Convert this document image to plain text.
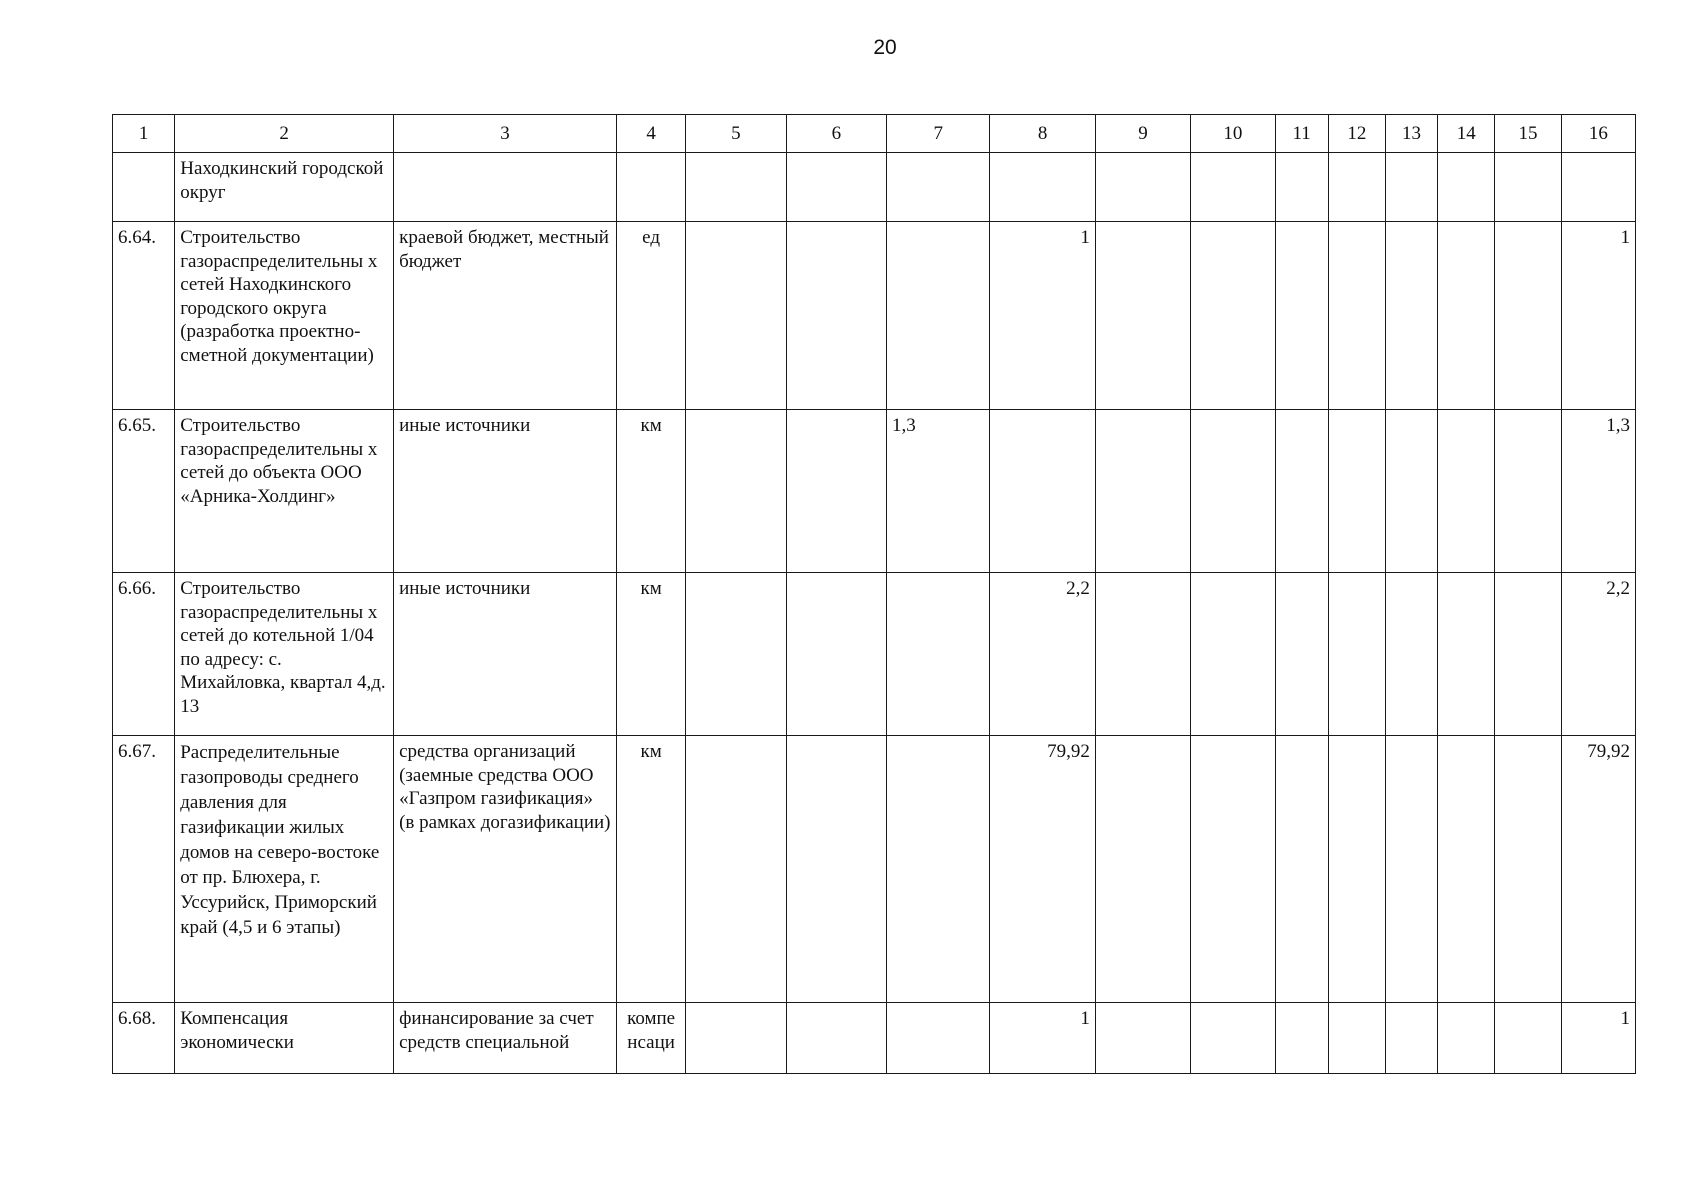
20
1	2	3	4	5	6	7	8	9	10	11	12	13	14	15	16
	Находкинский городской округ														
6.64.	Строительство газораспределительны х сетей Находкинского городского округа (разработка проектно-сметной документации)	краевой бюджет, местный бюджет	ед				1								1
6.65.	Строительство газораспределительны х сетей до объекта ООО «Арника-Холдинг»	иные источники	км			1,3									1,3
6.66.	Строительство газораспределительны х сетей до котельной 1/04 по адресу: с. Михайловка, квартал 4,д. 13	иные источники	км				2,2								2,2
6.67.	Распределительные газопроводы среднего давления для газификации жилых домов на северо-востоке от пр. Блюхера, г. Уссурийск, Приморский край (4,5 и 6 этапы)	средства организаций (заемные средства ООО «Газпром газификация» (в рамках догазификации)	км				79,92								79,92
6.68.	Компенсация экономически	финансирование за счет средств специальной	компе нсаци				1								1
